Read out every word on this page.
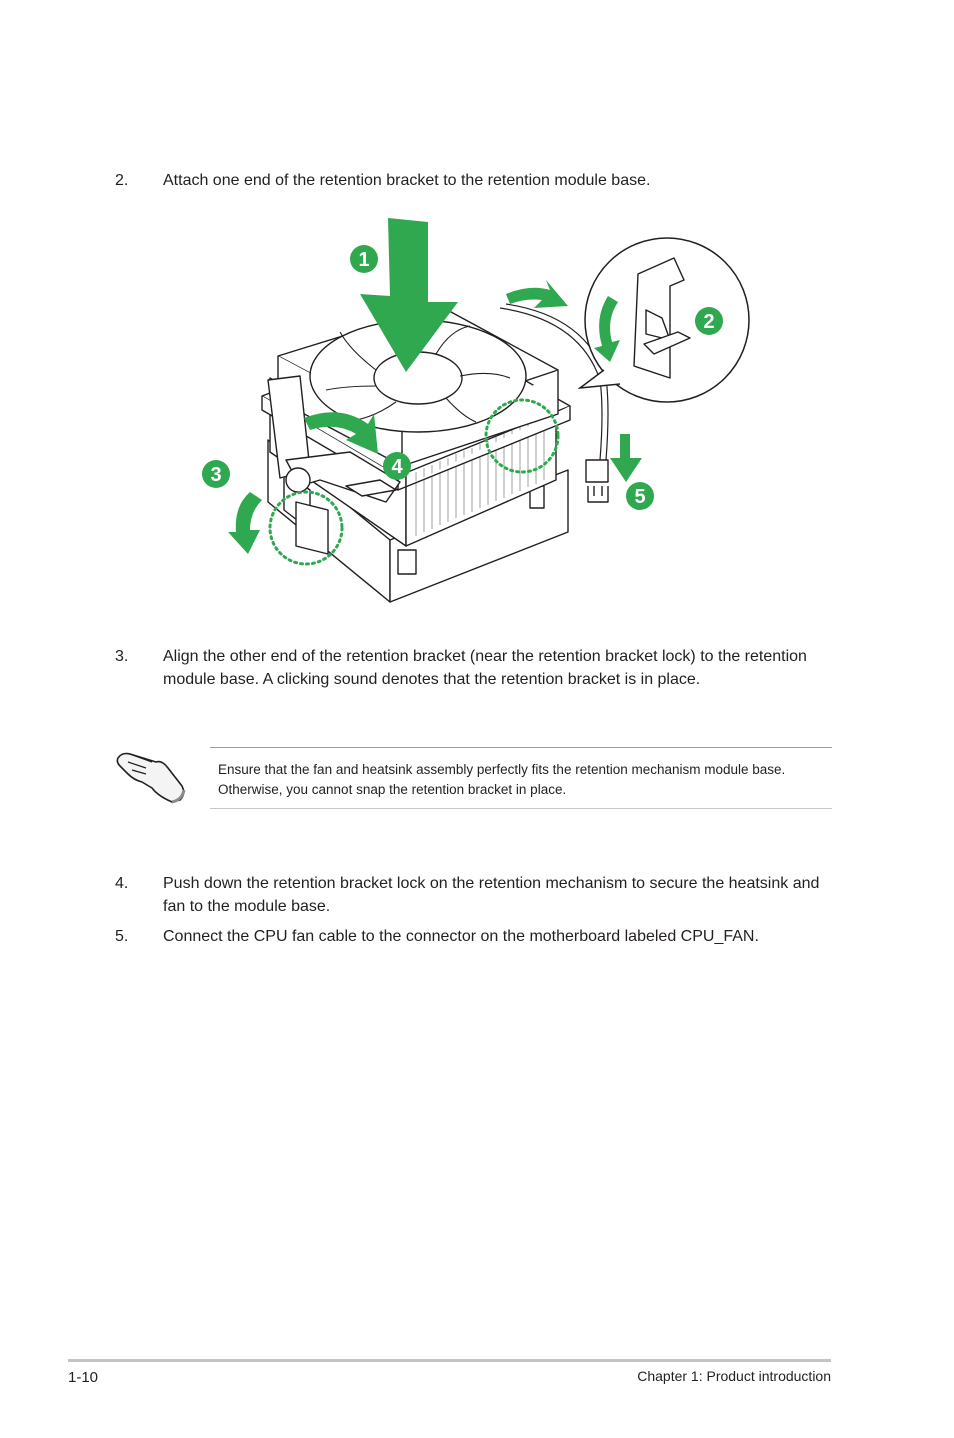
2. Attach one end of the retention bracket to the retention module base.
1
2
3	4
5
3. Align the other end of the retention bracket (near the retention bracket lock) to the retention module base. A clicking sound denotes that the retention bracket is in place.
Ensure that the fan and heatsink assembly perfectly fits the retention mechanism module base. Otherwise, you cannot snap the retention bracket in place.
4. Push down the retention bracket lock on the retention mechanism to secure the heatsink and fan to the module base.
5. Connect the CPU fan cable to the connector on the motherboard labeled CPU_FAN.
1-10	Chapter 1: Product introduction
